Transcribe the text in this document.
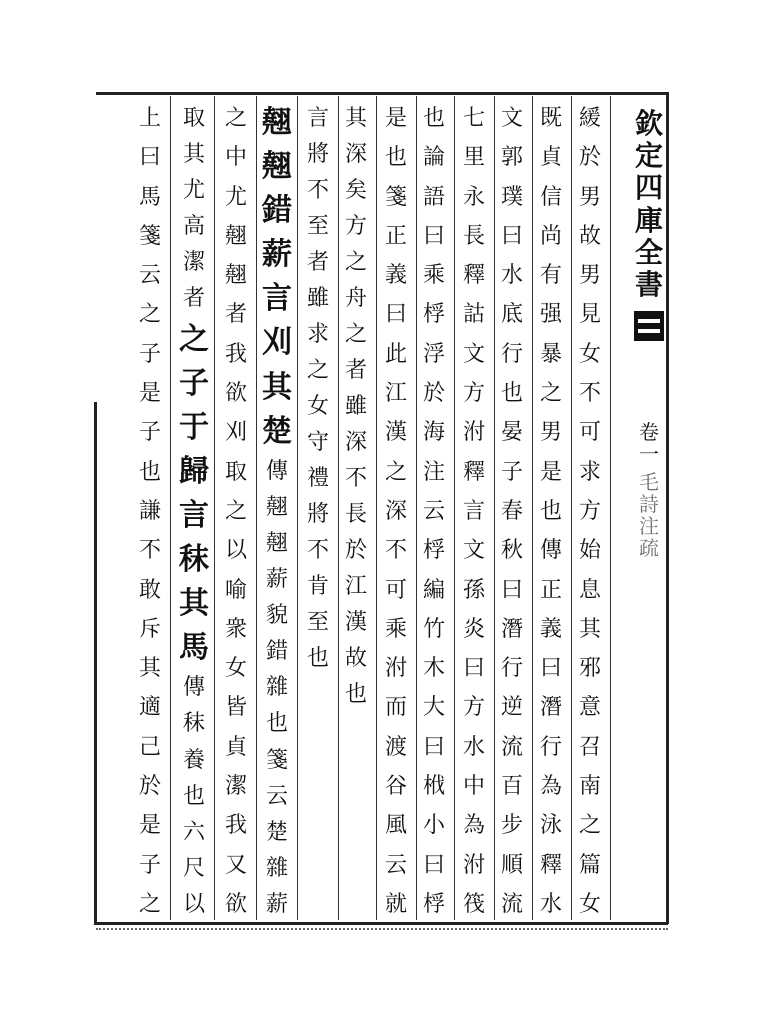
欽
定
四
庫
全
書
卷
一
毛
詩
注
疏
緩
於
男
故
男
見
女
不
可
求
方
始
息
其
邪
意
召
南
之
篇
女
既
貞
信
尚
有
强
暴
之
男
是
也
傳
正
義
曰
潛
行
為
泳
釋
水
文
郭
璞
曰
水
底
行
也
晏
子
春
秋
曰
潛
行
逆
流
百
步
順
流
七
里
永
長
釋
詁
文
方
泭
釋
言
文
孫
炎
曰
方
水
中
為
泭
筏
也
論
語
曰
乘
桴
浮
於
海
注
云
桴
編
竹
木
大
曰
栰
小
曰
桴
是
也
箋
正
義
曰
此
江
漢
之
深
不
可
乘
泭
而
渡
谷
風
云
就
其
深
矣
方
之
舟
之
者
雖
深
不
長
於
江
漢
故
也
言
將
不
至
者
雖
求
之
女
守
禮
將
不
肯
至
也
翹
翹
錯
薪
言
刈
其
楚
傳
翹
翹
薪
貌
錯
雜
也
箋
云
楚
雜
薪
之
中
尤
翹
翹
者
我
欲
刈
取
之
以
喻
衆
女
皆
貞
潔
我
又
欲
取
其
尤
高
潔
者
之
子
于
歸
言
秣
其
馬
傳
秣
養
也
六
尺
以
上
曰
馬
箋
云
之
子
是
子
也
謙
不
敢
斥
其
適
己
於
是
子
之
